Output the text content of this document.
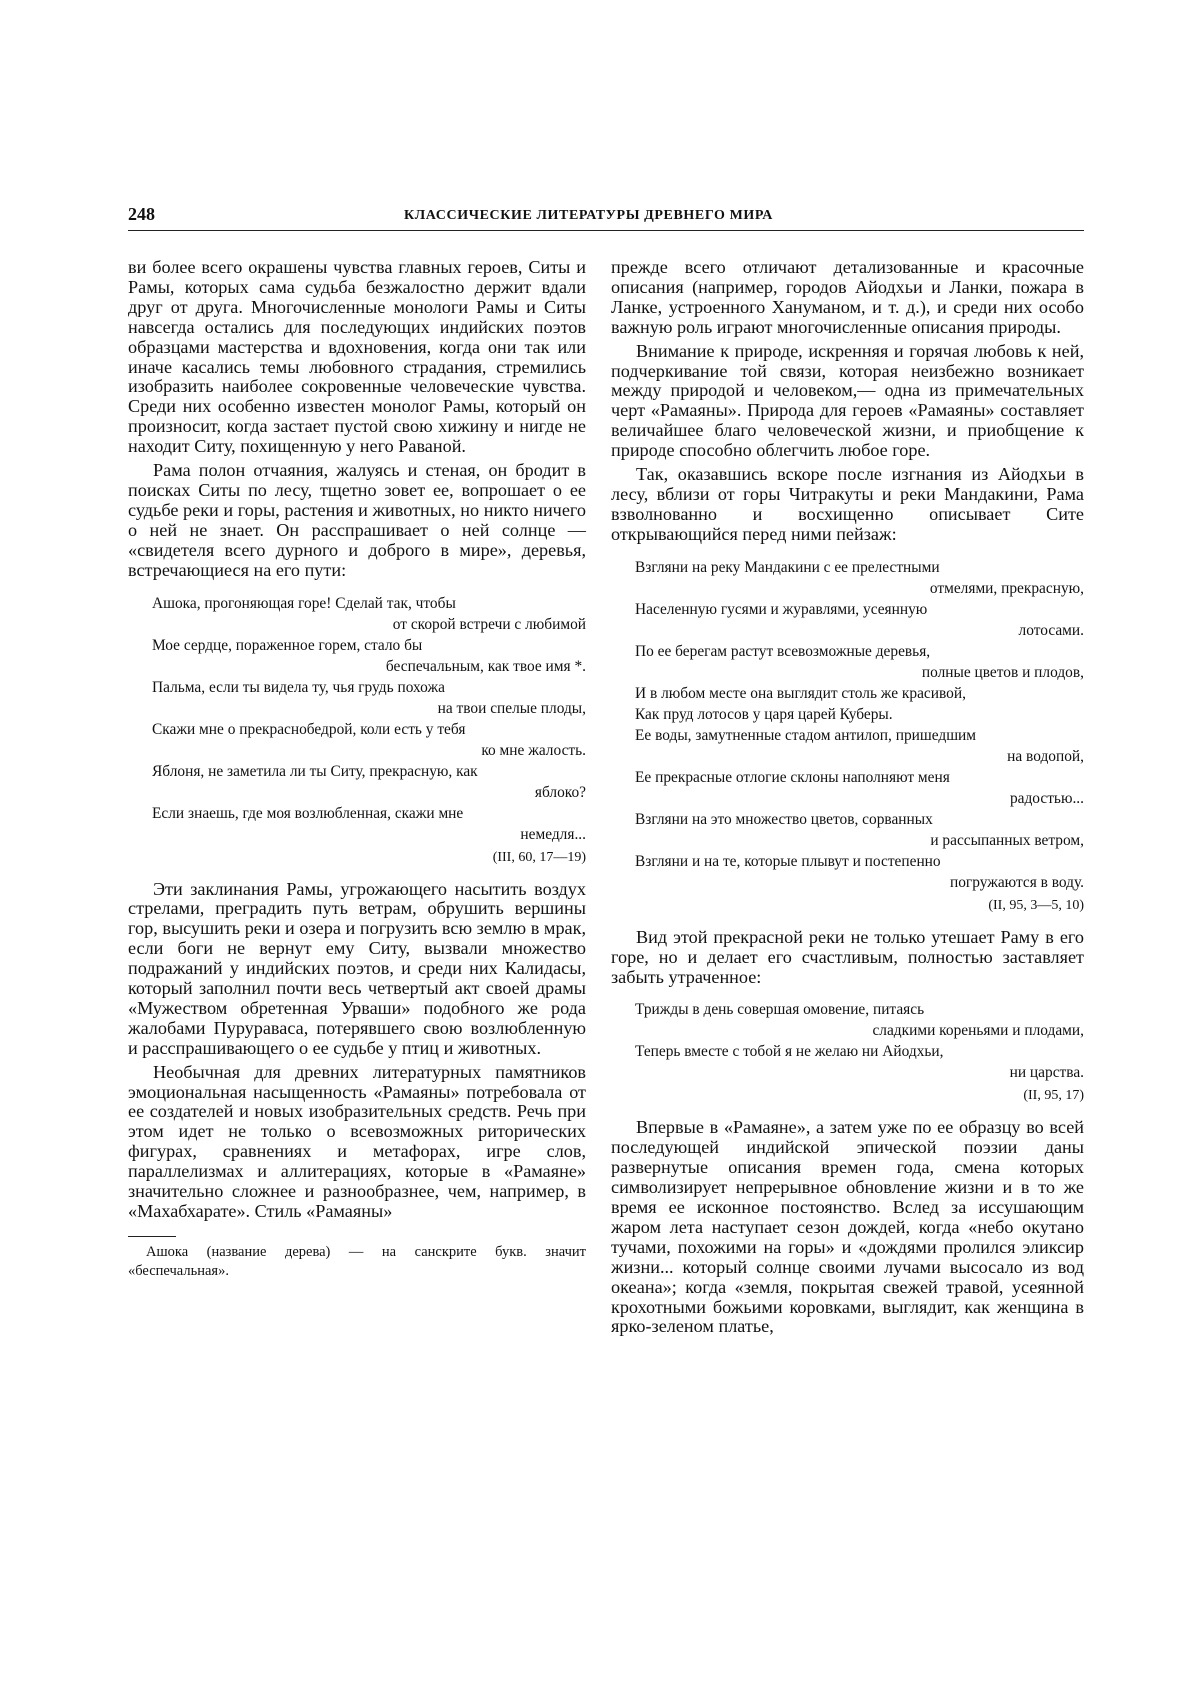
248	КЛАССИЧЕСКИЕ ЛИТЕРАТУРЫ ДРЕВНЕГО МИРА

ви более всего окрашены чувства главных героев, Ситы и Рамы, которых сама судьба безжалостно держит вдали друг от друга. Многочисленные монологи Рамы и Ситы навсегда остались для последующих индийских поэтов образцами мастерства и вдохновения, когда они так или иначе касались темы любовного страдания, стремились изобразить наиболее сокровенные человеческие чувства. Среди них особенно известен монолог Рамы, который он произносит, когда застает пустой свою хижину и нигде не находит Ситу, похищенную у него Раваной.

Рама полон отчаяния, жалуясь и стеная, он бродит в поисках Ситы по лесу, тщетно зовет ее, вопрошает о ее судьбе реки и горы, растения и животных, но никто ничего о ней не знает. Он расспрашивает о ней солнце — «свидетеля всего дурного и доброго в мире», деревья, встречающиеся на его пути:

Ашока, прогоняющая горе! Сделай так, чтобы
от скорой встречи с любимой
Мое сердце, пораженное горем, стало бы
беспечальным, как твое имя *.
Пальма, если ты видела ту, чья грудь похожа
на твои спелые плоды,
Скажи мне о прекраснобедрой, коли есть у тебя
ко мне жалость.
Яблоня, не заметила ли ты Ситу, прекрасную, как
яблоко?
Если знаешь, где моя возлюбленная, скажи мне
немедля...
(III, 60, 17—19)

Эти заклинания Рамы, угрожающего насытить воздух стрелами, преградить путь ветрам, обрушить вершины гор, высушить реки и озера и погрузить всю землю в мрак, если боги не вернут ему Ситу, вызвали множество подражаний у индийских поэтов, и среди них Калидасы, который заполнил почти весь четвертый акт своей драмы «Мужеством обретенная Урваши» подобного же рода жалобами Пурураваса, потерявшего свою возлюбленную и расспрашивающего о ее судьбе у птиц и животных.

Необычная для древних литературных памятников эмоциональная насыщенность «Рамаяны» потребовала от ее создателей и новых изобразительных средств. Речь при этом идет не только о всевозможных риторических фигурах, сравнениях и метафорах, игре слов, параллелизмах и аллитерациях, которые в «Рамаяне» значительно сложнее и разнообразнее, чем, например, в «Махабхарате». Стиль «Рамаяны»

Ашока (название дерева) — на санскрите букв. значит «беспечальная».

прежде всего отличают детализованные и красочные описания (например, городов Айодхьи и Ланки, пожара в Ланке, устроенного Хануманом, и т. д.), и среди них особо важную роль играют многочисленные описания природы.

Внимание к природе, искренняя и горячая любовь к ней, подчеркивание той связи, которая неизбежно возникает между природой и человеком,— одна из примечательных черт «Рамаяны». Природа для героев «Рамаяны» составляет величайшее благо человеческой жизни, и приобщение к природе способно облегчить любое горе.

Так, оказавшись вскоре после изгнания из Айодхьи в лесу, вблизи от горы Читракуты и реки Мандакини, Рама взволнованно и восхищенно описывает Сите открывающийся перед ними пейзаж:

Взгляни на реку Мандакини с ее прелестными
отмелями, прекрасную,
Населенную гусями и журавлями, усеянную
лотосами.
По ее берегам растут всевозможные деревья,
полные цветов и плодов,
И в любом месте она выглядит столь же красивой,
Как пруд лотосов у царя царей Куберы.
Ее воды, замутненные стадом антилоп, пришедшим
на водопой,
Ее прекрасные отлогие склоны наполняют меня
радостью...
Взгляни на это множество цветов, сорванных
и рассыпанных ветром,
Взгляни и на те, которые плывут и постепенно
погружаются в воду.
(II, 95, 3—5, 10)

Вид этой прекрасной реки не только утешает Раму в его горе, но и делает его счастливым, полностью заставляет забыть утраченное:

Трижды в день совершая омовение, питаясь
сладкими кореньями и плодами,
Теперь вместе с тобой я не желаю ни Айодхьи,
ни царства.
(II, 95, 17)

Впервые в «Рамаяне», а затем уже по ее образцу во всей последующей индийской эпической поэзии даны развернутые описания времен года, смена которых символизирует непрерывное обновление жизни и в то же время ее исконное постоянство. Вслед за иссушающим жаром лета наступает сезон дождей, когда «небо окутано тучами, похожими на горы» и «дождями пролился эликсир жизни... который солнце своими лучами высосало из вод океана»; когда «земля, покрытая свежей травой, усеянной крохотными божьими коровками, выглядит, как женщина в ярко-зеленом платье,
